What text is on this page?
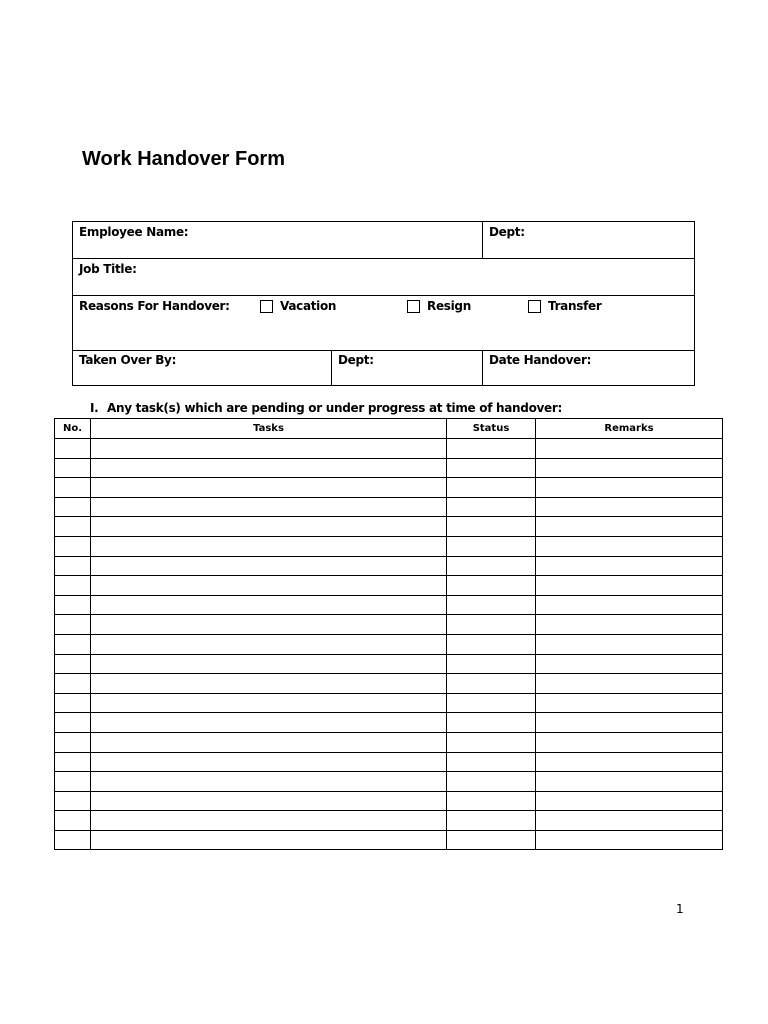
Work Handover Form
Employee Name:	Dept:
Job Title:
Reasons For Handover:	Vacation	Resign	Transfer
Taken Over By:	Dept:	Date Handover:
I. Any task(s) which are pending or under progress at time of handover:
No.	Tasks	Status	Remarks

1
